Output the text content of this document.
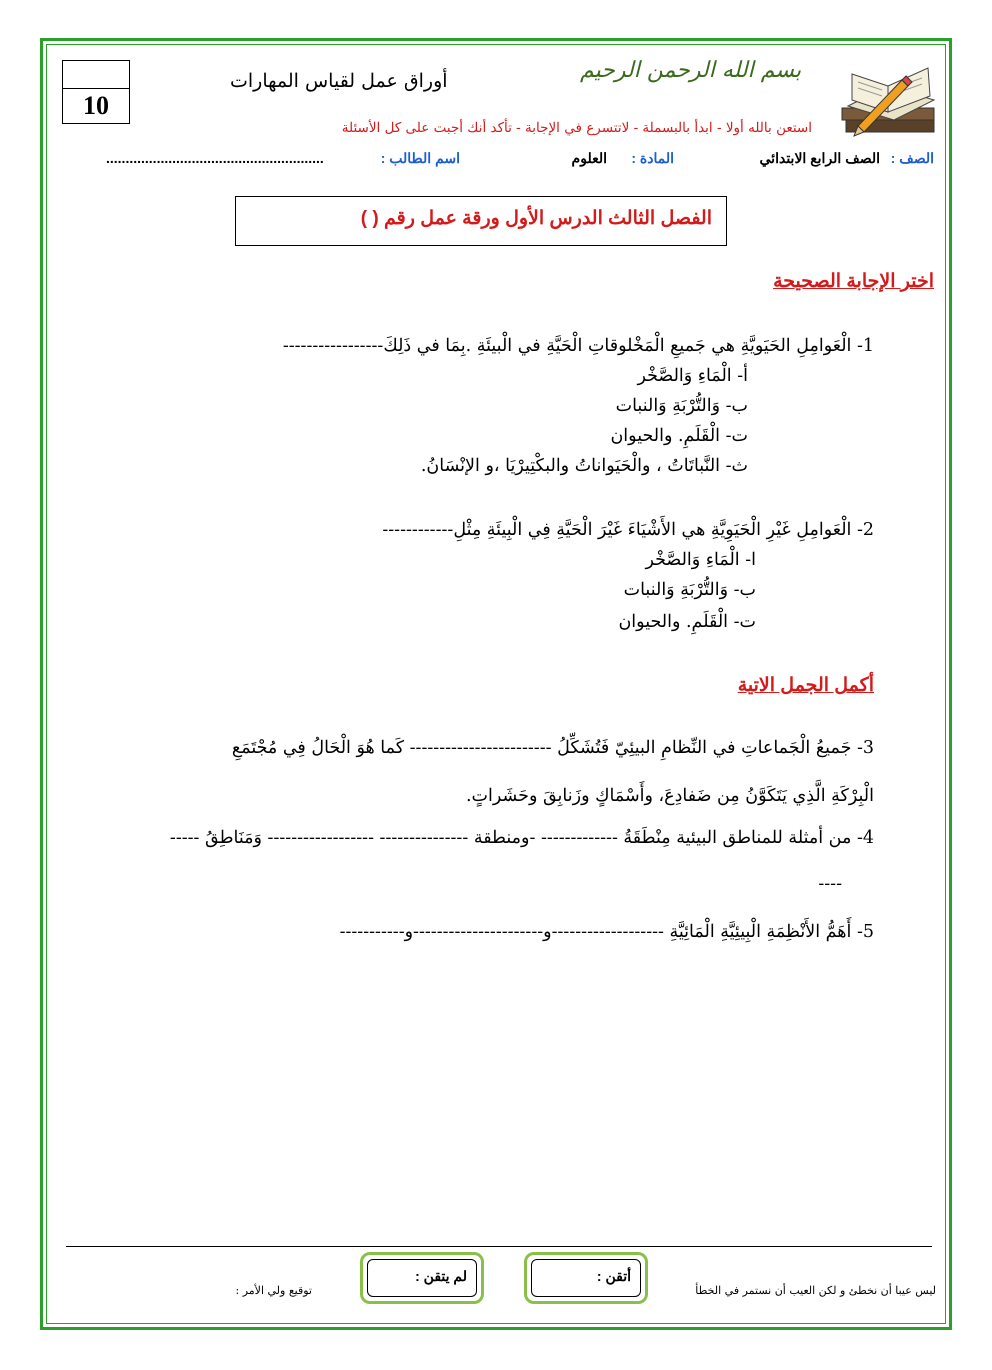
10
أوراق عمل لقياس المهارات	بسم الله الرحمن الرحيم
استعن بالله أولا - ابدأ بالبسملة - لاتتسرع في الإجابة - تأكد أنك أجبت على كل الأسئلة
الصف :
الصف الرابع الابتدائي
المادة :
العلوم
اسم الطالب :
........................................................
الفصل الثالث الدرس الأول ورقة عمل رقم ( )
اختر الإجابة الصحيحة
1- الْعَوامِلِ الحَيَويَّةِ هي جَميعِ الْمَخْلوقاتِ الْحَيَّةِ في الْبيئَةِ .بِمَا في ذَلِكَ-----------------
أ- الْمَاءِ وَالصَّخْر
ب- وَالتُّرْبَةِ وَالنبات
ت- الْقَلَمِ. والحيوان
ث- النَّباتَاتُ ، والْحَيَواناتُ والبكْتِيرْيَا ،و الإنْسَانُ.
2- الْعَوامِلِ غَيْرِ الْحَيَوِيَّةِ هي الأَشْيَاءَ غَيْرَ الْحَيَّةِ فِي الْبِيئَةِ مِثْلِ------------
ا- الْمَاءِ وَالصَّخْر
ب- وَالتُّرْبَةِ وَالنبات
ت- الْقَلَمِ. والحيوان
أكمل الجمل الاتية
3- جَميعُ الْجَماعاتِ في النِّظامِ البيئِيّ فَتُشَكِّلُ ------------------------ كَما هُوَ الْحَالُ فِي مُجْتَمَعِ
الْبِرْكَةِ الَّذِي يَتَكَوَّنُ مِن ضَفادِعَ، وأَسْمَاكٍ وزَنابِقَ وحَشَراتٍ.
4- من أمثلة للمناطق البيئية مِنْطَقَةُ ------------- -ومنطقة --------------- ------------------ وَمَنَاطِقُ -----
----
5- أَهَمُّ الأَنْظِمَةِ الْبِيئِيَّةِ الْمَائِيَّةِ -------------------و----------------------و-----------
أتقن :
لم يتقن :
ليس عيبا أن نخطئ و لكن العيب أن نستمر في الخطأ
توقيع ولي الأمر :
